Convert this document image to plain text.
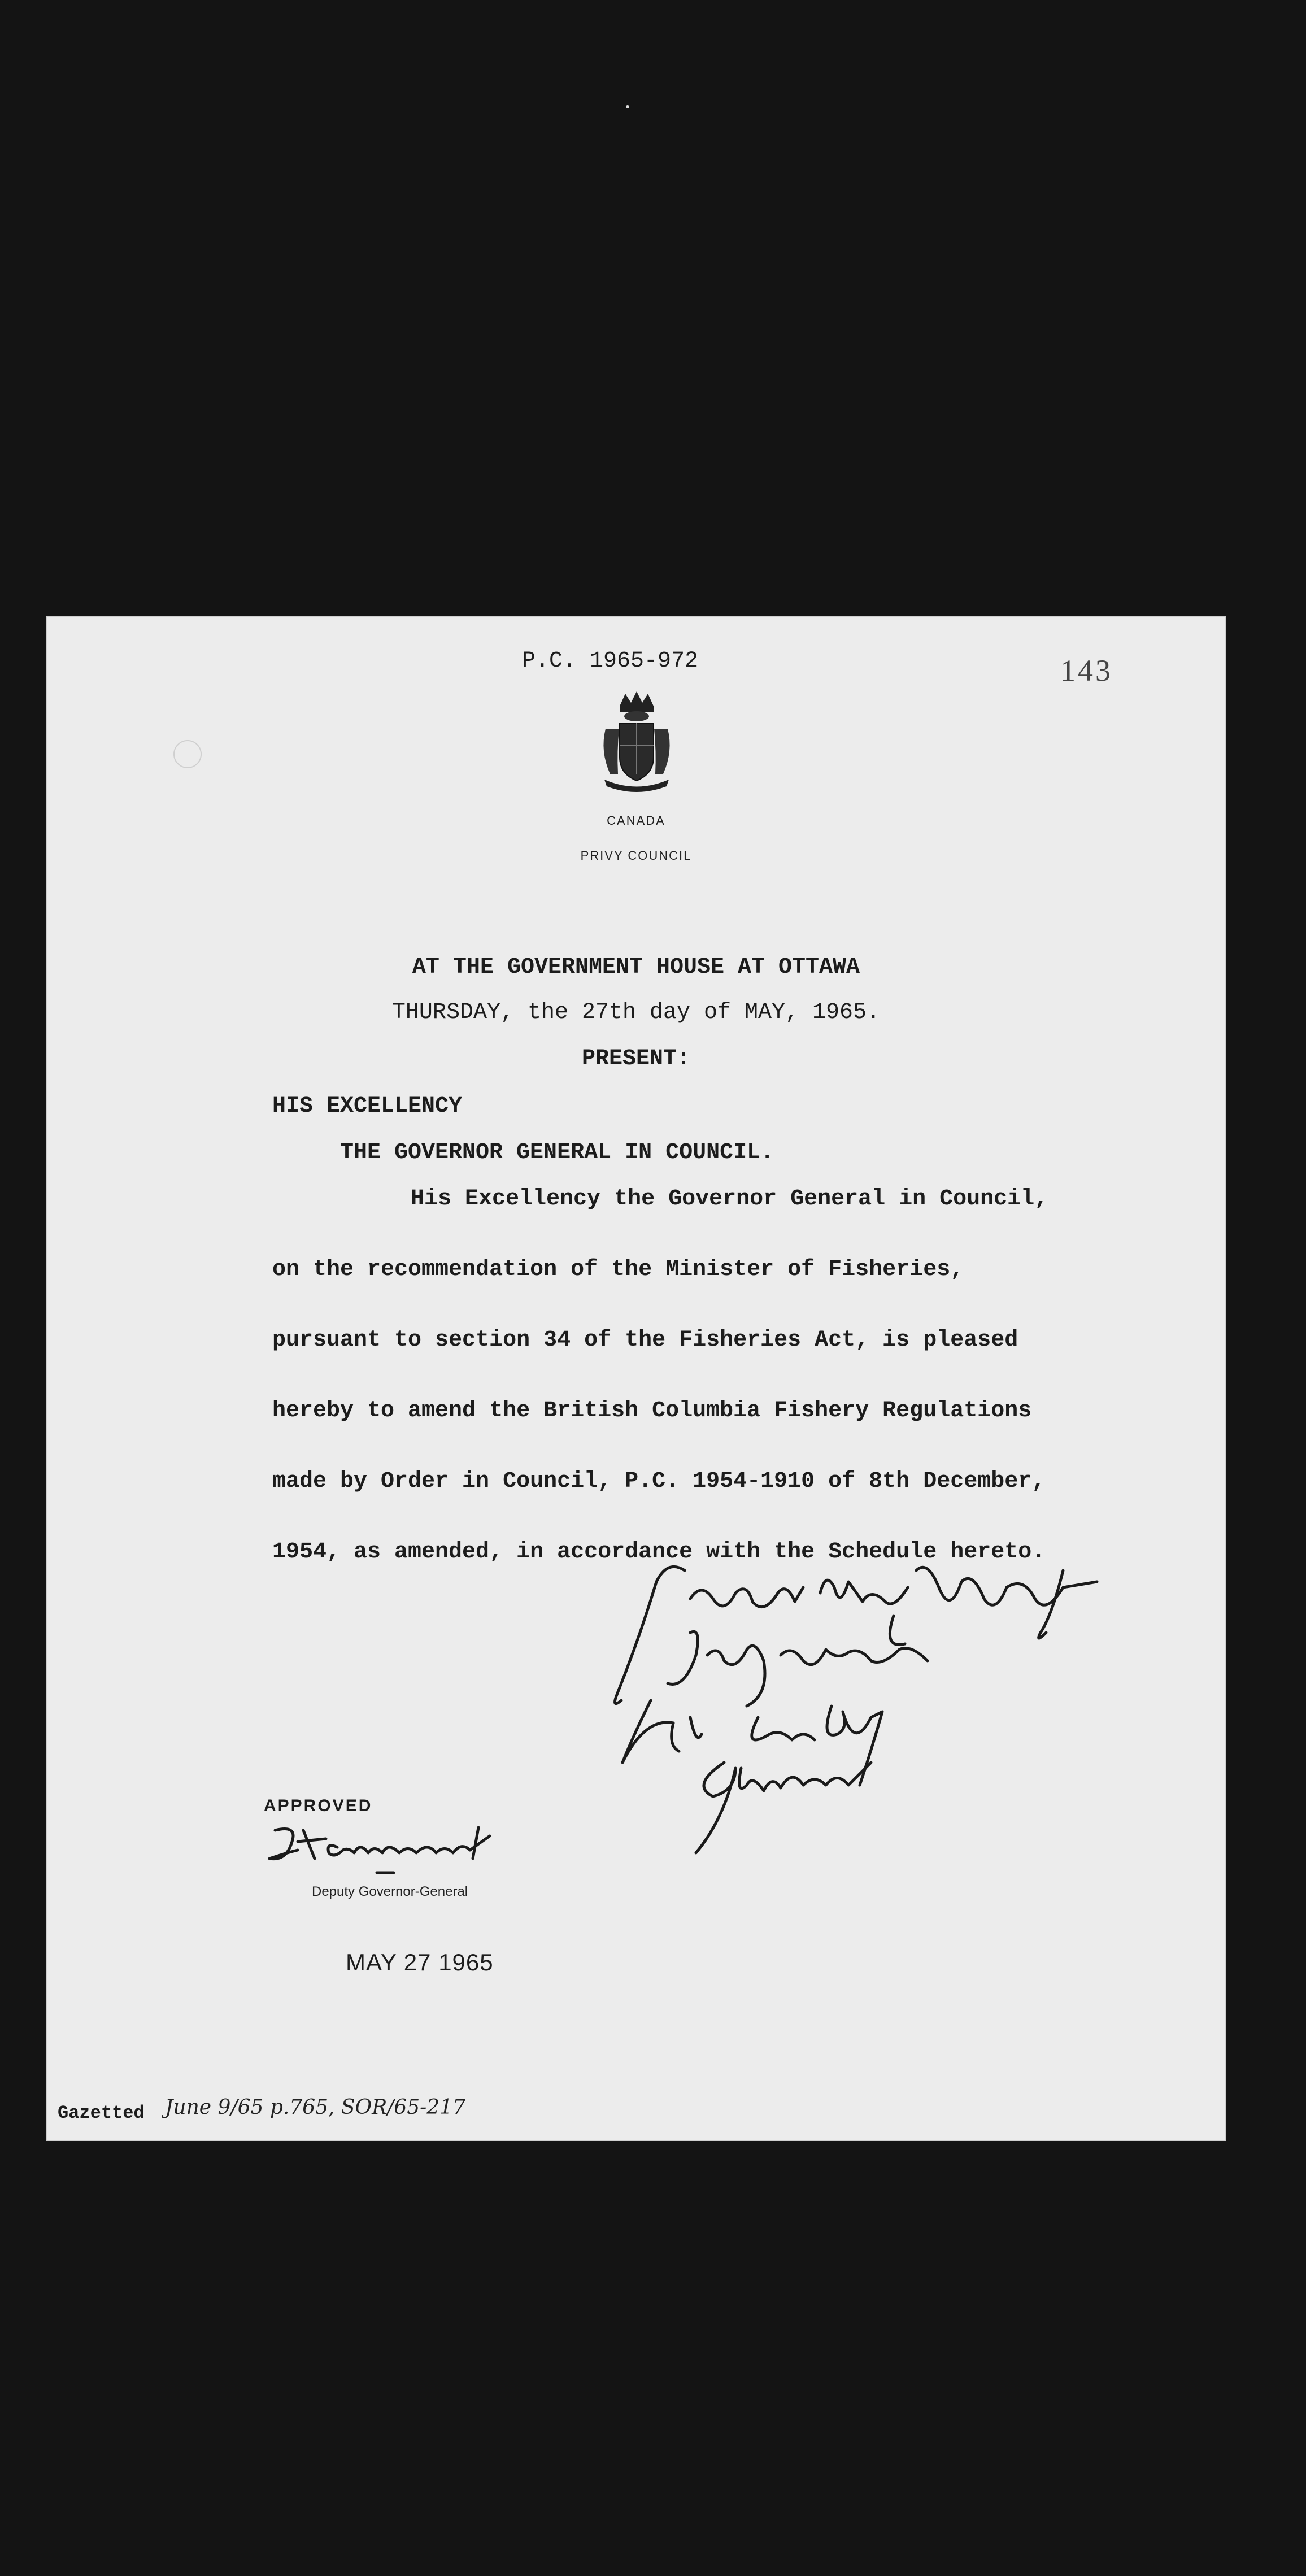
P.C. 1965-972	143
CANADA
PRIVY COUNCIL
AT THE GOVERNMENT HOUSE AT OTTAWA
THURSDAY, the 27th day of MAY, 1965.
PRESENT:
HIS EXCELLENCY
THE GOVERNOR GENERAL IN COUNCIL.
His Excellency the Governor General in Council,
on the recommendation of the Minister of Fisheries,
pursuant to section 34 of the Fisheries Act, is pleased
hereby to amend the British Columbia Fishery Regulations
made by Order in Council, P.C. 1954-1910 of 8th December,
1954, as amended, in accordance with the Schedule hereto.
APPROVED
Deputy Governor-General
MAY 27 1965
Gazetted June 9/65 p.765, SOR/65-217
